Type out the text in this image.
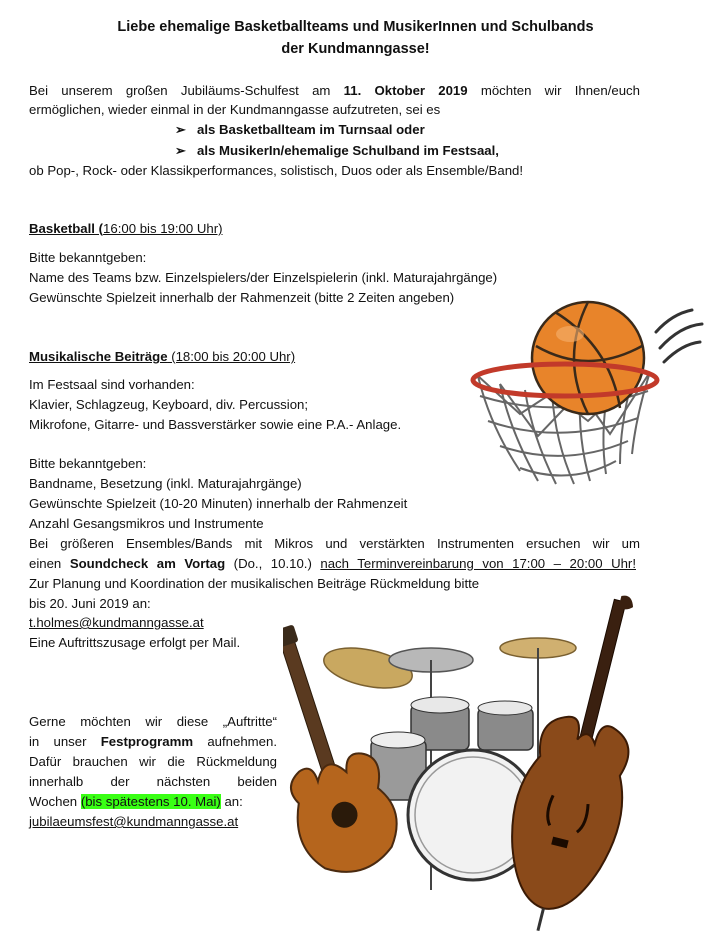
Liebe ehemalige Basketballteams und MusikerInnen und Schulbands
der Kundmanngasse!
Bei unserem großen Jubiläums-Schulfest am 11. Oktober 2019 möchten wir Ihnen/euch
ermöglichen, wieder einmal in der Kundmanngasse aufzutreten, sei es
➢ als Basketballteam im Turnsaal oder
➢ als MusikerIn/ehemalige Schulband im Festsaal,
ob Pop-, Rock- oder Klassikperformances, solistisch, Duos oder als Ensemble/Band!
Basketball (16:00 bis 19:00 Uhr)
Bitte bekanntgeben:
Name des Teams bzw. Einzelspielers/der Einzelspielerin (inkl. Maturajahrgänge)
Gewünschte Spielzeit innerhalb der Rahmenzeit (bitte 2 Zeiten angeben)
Musikalische Beiträge (18:00 bis 20:00 Uhr)
Im Festsaal sind vorhanden:
Klavier, Schlagzeug, Keyboard, div. Percussion;
Mikrofone, Gitarre- und Bassverstärker sowie eine P.A.- Anlage.
Bitte bekanntgeben:
Bandname, Besetzung (inkl. Maturajahrgänge)
Gewünschte Spielzeit (10-20 Minuten) innerhalb der Rahmenzeit
Anzahl Gesangsmikros und Instrumente
Bei größeren Ensembles/Bands mit Mikros und verstärkten Instrumenten ersuchen wir um
einen Soundcheck am Vortag (Do., 10.10.) nach Terminvereinbarung von 17:00 – 20:00 Uhr!
Zur Planung und Koordination der musikalischen Beiträge Rückmeldung bitte
bis 20. Juni 2019 an:
t.holmes@kundmanngasse.at
Eine Auftrittszusage erfolgt per Mail.
Gerne möchten wir diese „Auftritte“
in unser Festprogramm aufnehmen.
Dafür brauchen wir die Rückmeldung
innerhalb der nächsten beiden
Wochen (bis spätestens 10. Mai) an:
jubilaeumsfest@kundmanngasse.at
